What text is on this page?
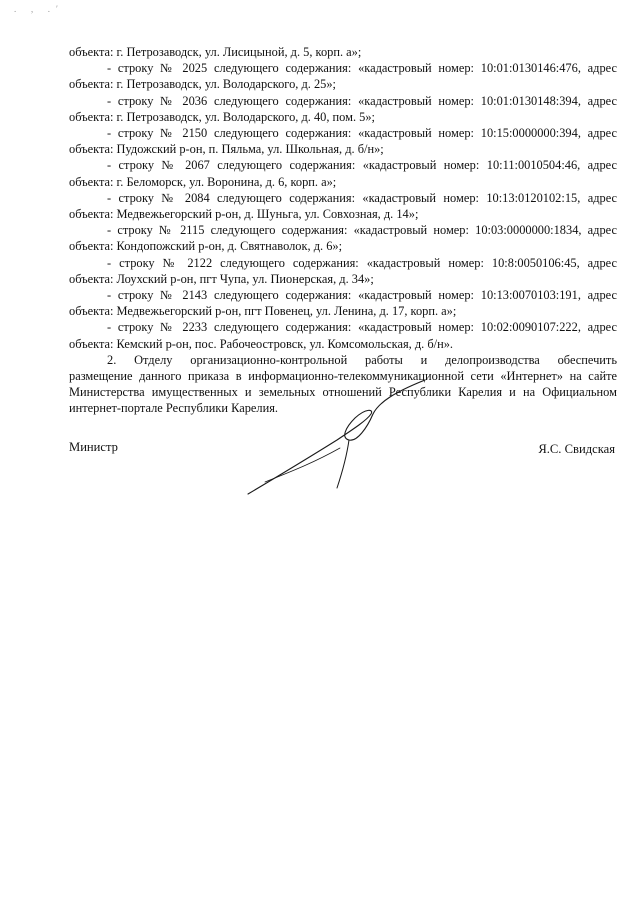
. ‚ .′
объекта: г. Петрозаводск, ул. Лисицыной, д. 5, корп. а»;
- строку № 2025 следующего содержания: «кадастровый номер: 10:01:0130146:476, адрес
объекта: г. Петрозаводск, ул. Володарского, д. 25»;
- строку № 2036 следующего содержания: «кадастровый номер: 10:01:0130148:394, адрес
объекта: г. Петрозаводск, ул. Володарского, д. 40, пом. 5»;
- строку № 2150 следующего содержания: «кадастровый номер: 10:15:0000000:394, адрес
объекта: Пудожский р-он, п. Пяльма, ул. Школьная, д. б/н»;
- строку № 2067 следующего содержания: «кадастровый номер: 10:11:0010504:46, адрес
объекта: г. Беломорск, ул. Воронина, д. 6, корп. а»;
- строку № 2084 следующего содержания: «кадастровый номер: 10:13:0120102:15, адрес
объекта: Медвежьегорский р-он, д. Шуньга, ул. Совхозная, д. 14»;
- строку № 2115 следующего содержания: «кадастровый номер: 10:03:0000000:1834, адрес
объекта: Кондопожский р-он, д. Святнаволок, д. 6»;
- строку № 2122 следующего содержания: «кадастровый номер: 10:8:0050106:45, адрес
объекта: Лоухский р-он, пгт Чупа, ул. Пионерская, д. 34»;
- строку № 2143 следующего содержания: «кадастровый номер: 10:13:0070103:191, адрес
объекта: Медвежьегорский р-он, пгт Повенец, ул. Ленина, д. 17, корп. а»;
- строку № 2233 следующего содержания: «кадастровый номер: 10:02:0090107:222, адрес
объекта: Кемский р-он, пос. Рабочеостровск, ул. Комсомольская, д. б/н».
2. Отделу организационно-контрольной работы и делопроизводства обеспечить
размещение данного приказа в информационно-телекоммуникационной сети «Интернет» на сайте
Министерства имущественных и земельных отношений Республики Карелия и на Официальном
интернет-портале Республики Карелия.
Министр	Я.С. Свидская
